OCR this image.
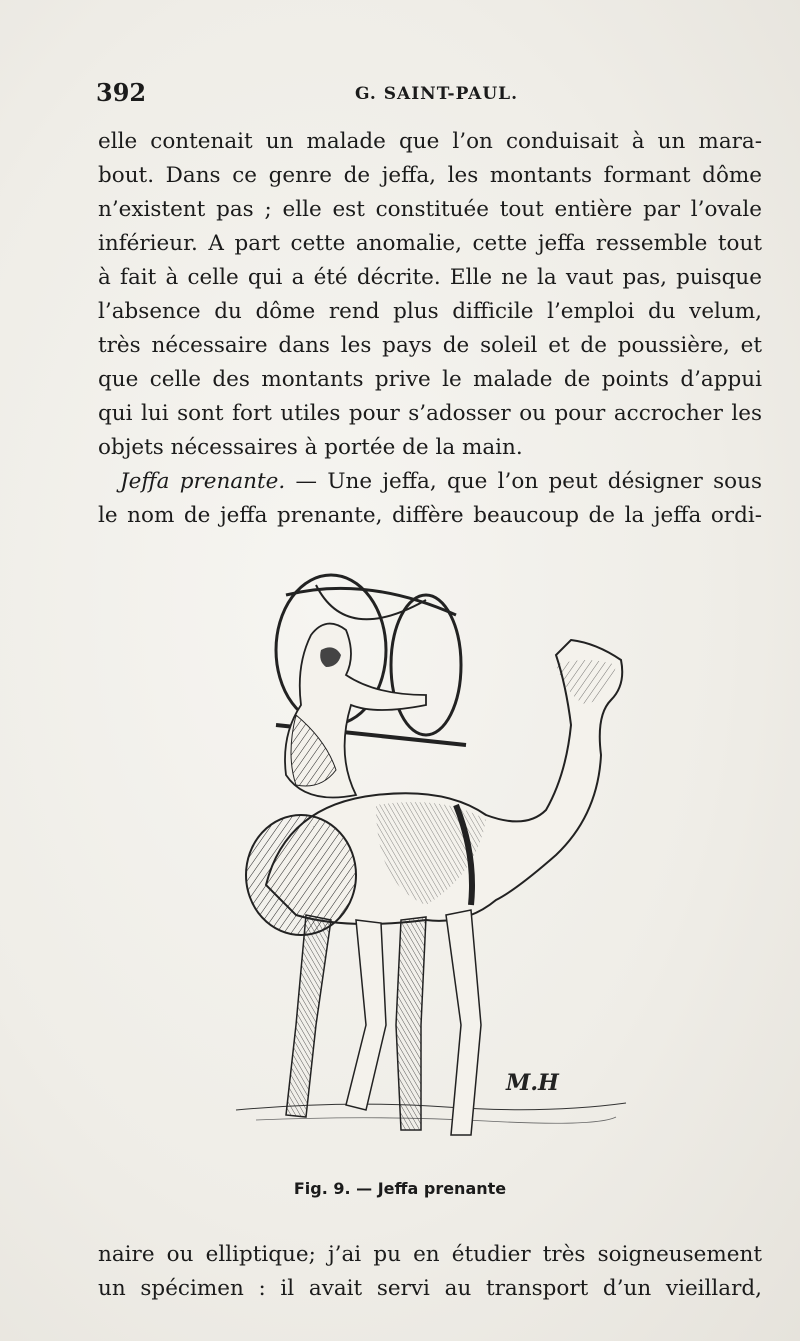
392	G. SAINT-PAUL.

elle contenait un malade que l’on conduisait à un mara-

bout. Dans ce genre de jeffa, les montants formant dôme

n’existent pas ; elle est constituée tout entière par l’ovale

inférieur. A part cette anomalie, cette jeffa ressemble tout

à fait à celle qui a été décrite. Elle ne la vaut pas, puisque

l’absence du dôme rend plus difficile l’emploi du velum,

très nécessaire dans les pays de soleil et de poussière, et

que celle des montants prive le malade de points d’appui

qui lui sont fort utiles pour s’adosser ou pour accrocher les

objets nécessaires à portée de la main.

Jeffa prenante. — Une jeffa, que l’on peut désigner sous

le nom de jeffa prenante, diffère beaucoup de la jeffa ordi-

M.H
Fig. 9. — Jeffa prenante

naire ou elliptique; j’ai pu en étudier très soigneusement

un spécimen : il avait servi au transport d’un vieillard,
